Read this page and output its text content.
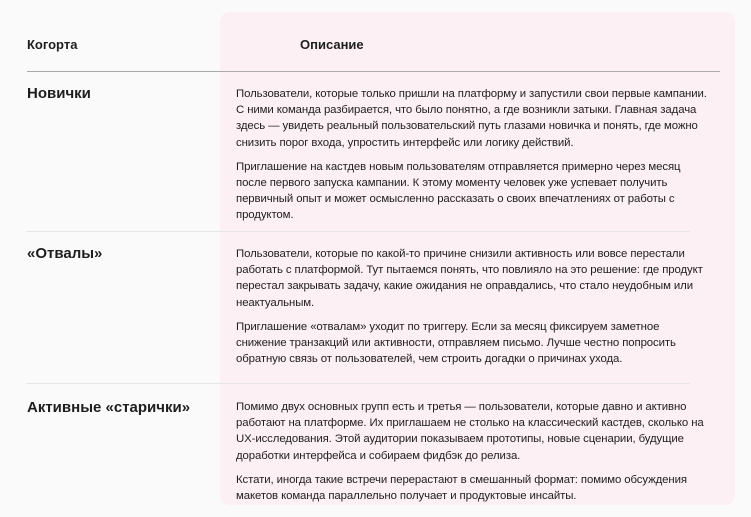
Когорта	Описание
Новички	Пользователи, которые только пришли на платформу и запустили свои первые кампании. С ними команда разбирается, что было понятно, а где возникли затыки. Главная задача здесь — увидеть реальный пользовательский путь глазами новичка и понять, где можно снизить порог входа, упростить интерфейс или логику действий.

Приглашение на кастдев новым пользователям отправляется примерно через месяц после первого запуска кампании. К этому моменту человек уже успевает получить первичный опыт и может осмысленно рассказать о своих впечатлениях от работы с продуктом.

«Отвалы»	Пользователи, которые по какой-то причине снизили активность или вовсе перестали работать с платформой. Тут пытаемся понять, что повлияло на это решение: где продукт перестал закрывать задачу, какие ожидания не оправдались, что стало неудобным или неактуальным.

Приглашение «отвалам» уходит по триггеру. Если за месяц фиксируем заметное снижение транзакций или активности, отправляем письмо. Лучше честно попросить обратную связь от пользователей, чем строить догадки о причинах ухода.

Активные «старички»	Помимо двух основных групп есть и третья — пользователи, которые давно и активно работают на платформе. Их приглашаем не столько на классический кастдев, сколько на UX-исследования. Этой аудитории показываем прототипы, новые сценарии, будущие доработки интерфейса и собираем фидбэк до релиза.

Кстати, иногда такие встречи перерастают в смешанный формат: помимо обсуждения макетов команда параллельно получает и продуктовые инсайты.
